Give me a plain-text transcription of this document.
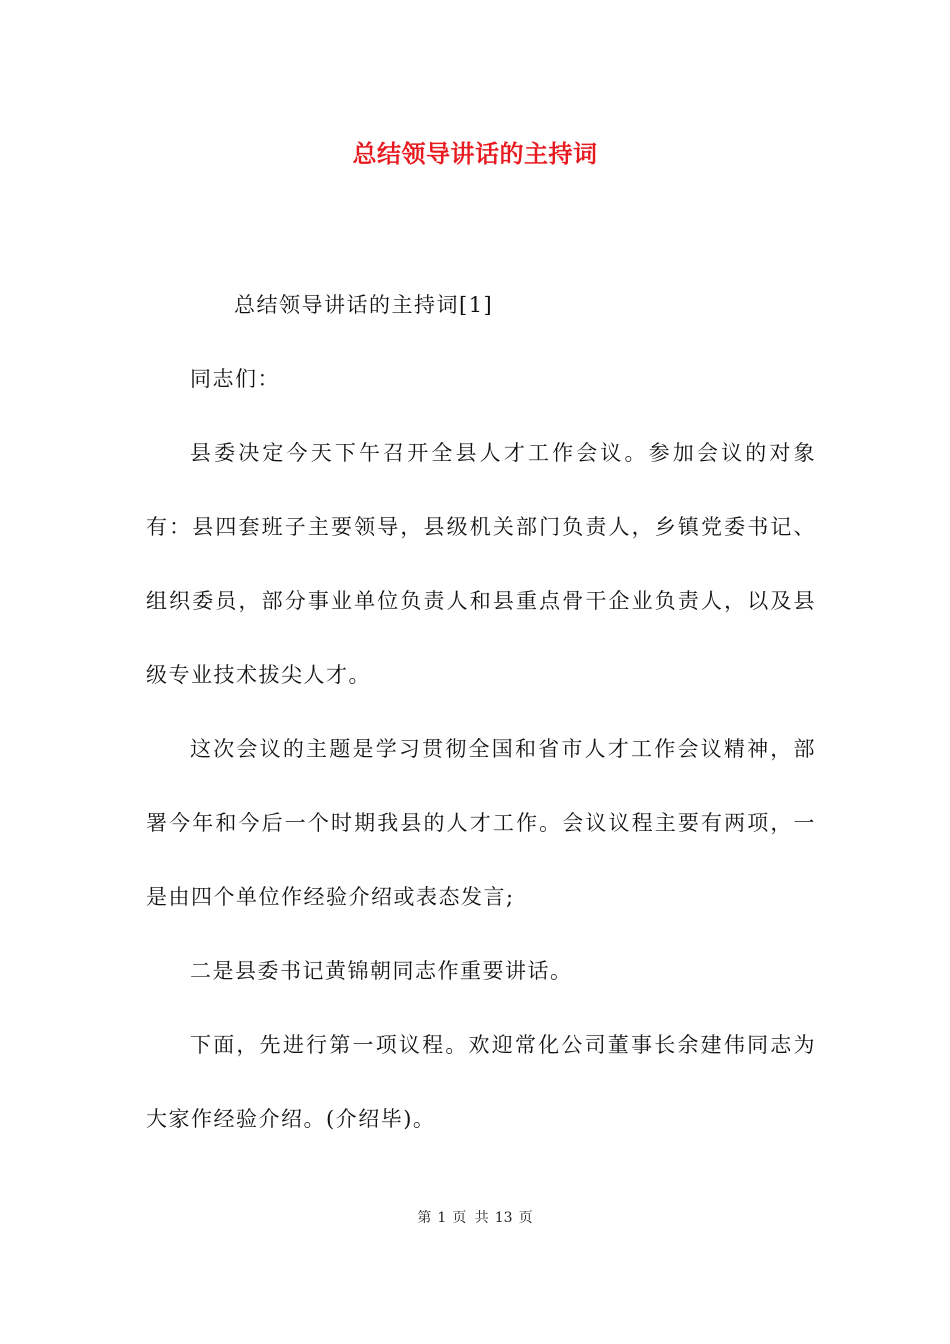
总结领导讲话的主持词

总结领导讲话的主持词[1]

同志们：

县委决定今天下午召开全县人才工作会议。参加会议的对象有：县四套班子主要领导，县级机关部门负责人，乡镇党委书记、组织委员，部分事业单位负责人和县重点骨干企业负责人，以及县级专业技术拔尖人才。

这次会议的主题是学习贯彻全国和省市人才工作会议精神，部署今年和今后一个时期我县的人才工作。会议议程主要有两项，一是由四个单位作经验介绍或表态发言;

二是县委书记黄锦朝同志作重要讲话。

下面，先进行第一项议程。欢迎常化公司董事长余建伟同志为大家作经验介绍。(介绍毕)。

第 1 页 共 13 页
